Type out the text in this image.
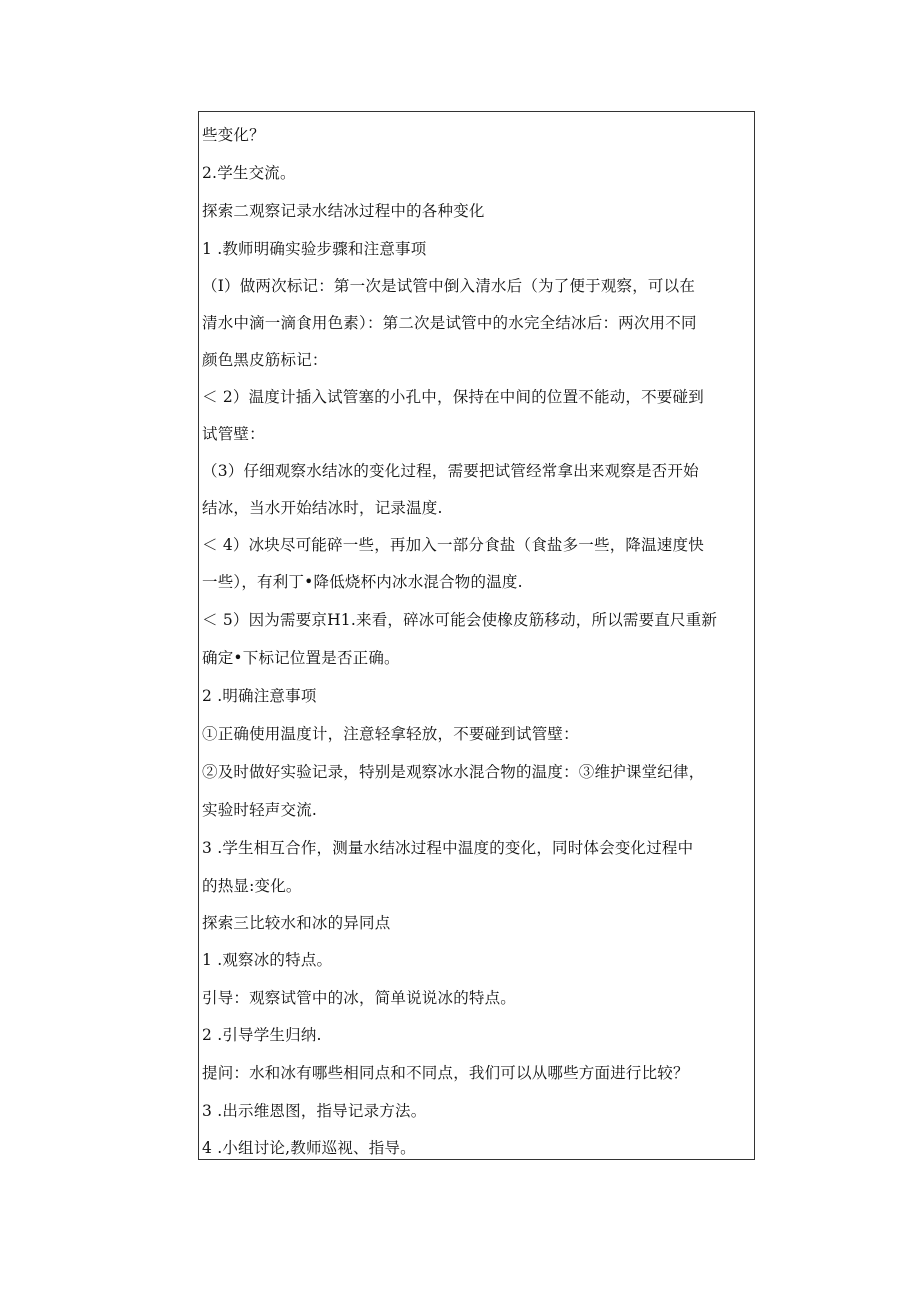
些变化？

2.学生交流。

探索二观察记录水结冰过程中的各种变化

1 .教师明确实验步骤和注意事项

（I）做两次标记：第一次是试管中倒入清水后（为了便于观察，可以在

清水中滴一滴食用色素）：第二次是试管中的水完全结冰后：两次用不同

颜色黑皮筋标记：

＜ 2）温度计插入试管塞的小孔中，保持在中间的位置不能动，不要碰到

试管壁：

（3）仔细观察水结冰的变化过程，需要把试管经常拿出来观察是否开始

结冰，当水开始结冰时，记录温度.

＜ 4）冰块尽可能碎一些，再加入一部分食盐（食盐多一些，降温速度快

一些），有利丁•降低烧杯内冰水混合物的温度.

＜ 5）因为需要京H1.来看，碎冰可能会使橡皮筋移动，所以需要直尺重新

确定•下标记位置是否正确。

2 .明确注意事项

①正确使用温度计，注意轻拿轻放，不要碰到试管壁：

②及时做好实验记录，特别是观察冰水混合物的温度：③维护课堂纪律，

实验时轻声交流.

3 .学生相互合作，测量水结冰过程中温度的变化，同时体会变化过程中

的热显:变化。

探索三比较水和冰的异同点

1 .观察冰的特点。

引导：观察试管中的冰，简单说说冰的特点。

2 .引导学生归纳.

提问：水和冰有哪些相同点和不同点，我们可以从哪些方面进行比较？

3 .出示维恩图，指导记录方法。

4 .小组讨论,教师巡视、指导。
